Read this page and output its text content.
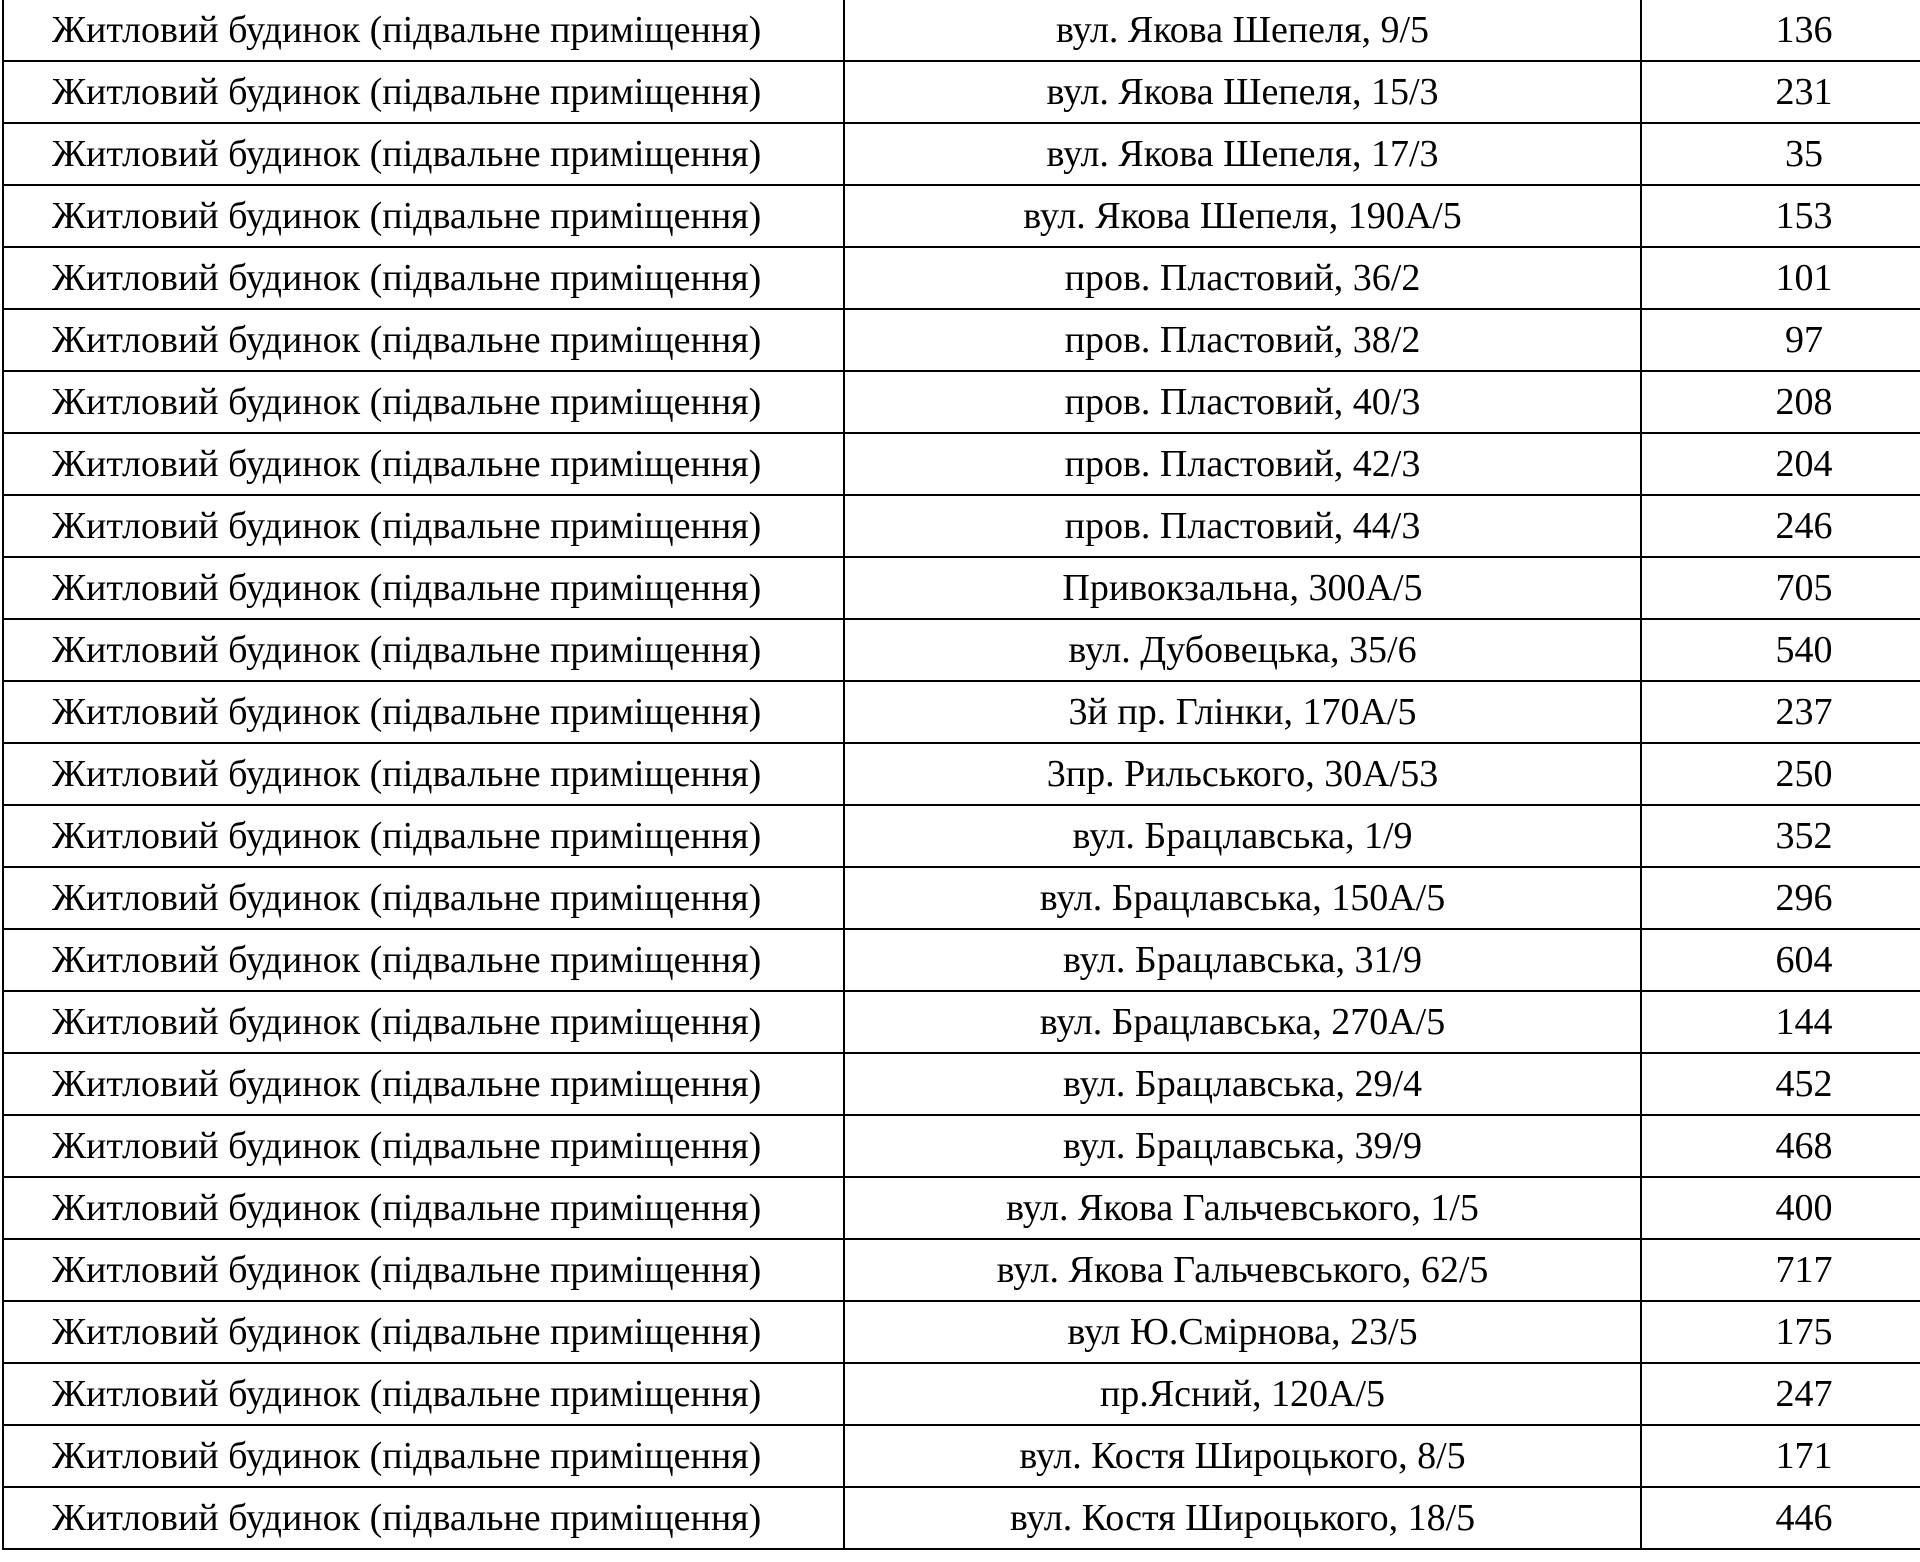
Житловий будинок (підвальне приміщення)	вул. Якова Шепеля, 9/5	136
Житловий будинок (підвальне приміщення)	вул. Якова Шепеля, 15/3	231
Житловий будинок (підвальне приміщення)	вул. Якова Шепеля, 17/3	35
Житловий будинок (підвальне приміщення)	вул. Якова Шепеля, 190А/5	153
Житловий будинок (підвальне приміщення)	пров. Пластовий, 36/2	101
Житловий будинок (підвальне приміщення)	пров. Пластовий, 38/2	97
Житловий будинок (підвальне приміщення)	пров. Пластовий, 40/3	208
Житловий будинок (підвальне приміщення)	пров. Пластовий, 42/3	204
Житловий будинок (підвальне приміщення)	пров. Пластовий, 44/3	246
Житловий будинок (підвальне приміщення)	Привокзальна, 300А/5	705
Житловий будинок (підвальне приміщення)	вул. Дубовецька, 35/6	540
Житловий будинок (підвальне приміщення)	3й пр. Глінки, 170А/5	237
Житловий будинок (підвальне приміщення)	3пр. Рильського, 30А/53	250
Житловий будинок (підвальне приміщення)	вул. Брацлавська, 1/9	352
Житловий будинок (підвальне приміщення)	вул. Брацлавська, 150А/5	296
Житловий будинок (підвальне приміщення)	вул. Брацлавська, 31/9	604
Житловий будинок (підвальне приміщення)	вул. Брацлавська, 270А/5	144
Житловий будинок (підвальне приміщення)	вул. Брацлавська, 29/4	452
Житловий будинок (підвальне приміщення)	вул. Брацлавська, 39/9	468
Житловий будинок (підвальне приміщення)	вул. Якова Гальчевського, 1/5	400
Житловий будинок (підвальне приміщення)	вул. Якова Гальчевського, 62/5	717
Житловий будинок (підвальне приміщення)	вул Ю.Смірнова, 23/5	175
Житловий будинок (підвальне приміщення)	пр.Ясний, 120А/5	247
Житловий будинок (підвальне приміщення)	вул. Костя Широцького, 8/5	171
Житловий будинок (підвальне приміщення)	вул. Костя Широцького, 18/5	446
